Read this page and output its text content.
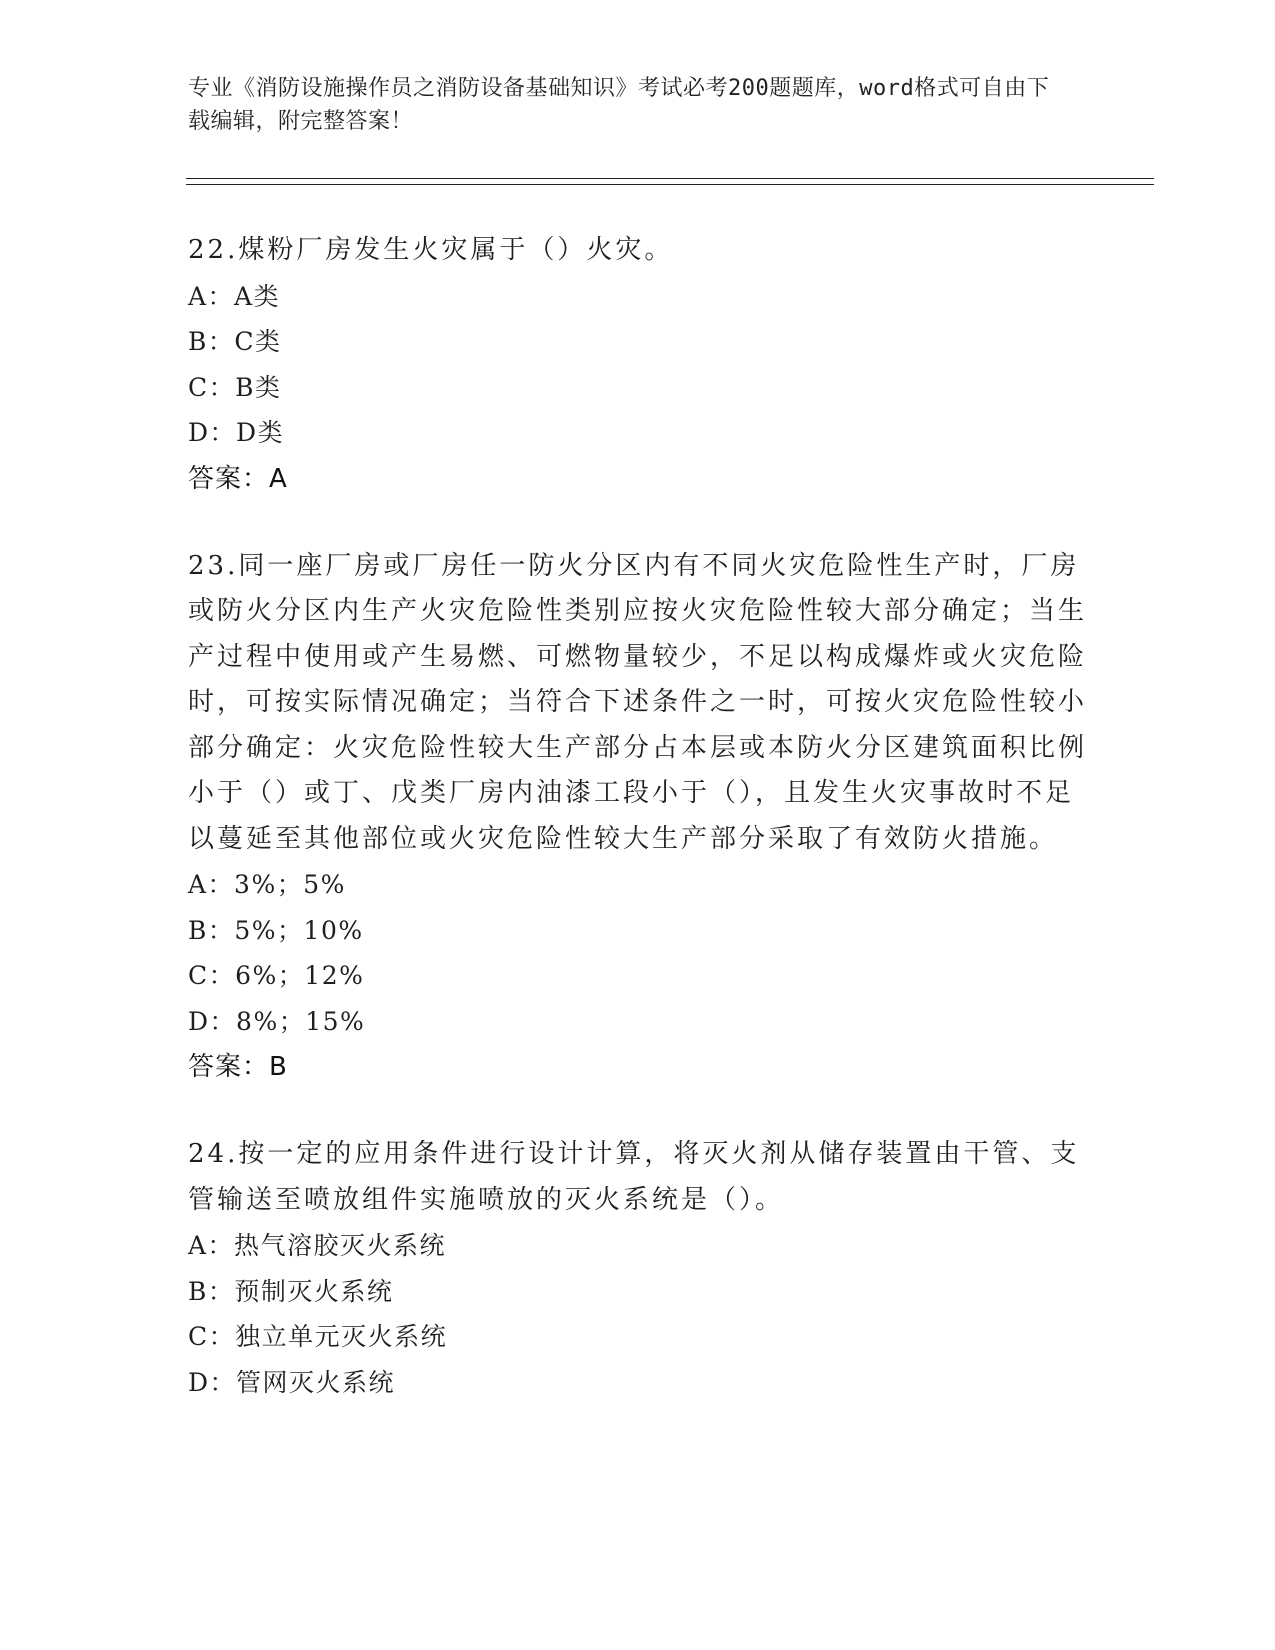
专业《消防设施操作员之消防设备基础知识》考试必考200题题库，word格式可自由下载编辑，附完整答案！

22.煤粉厂房发生火灾属于（）火灾。

A：A类

B：C类

C：B类

D：D类

答案：A

23.同一座厂房或厂房任一防火分区内有不同火灾危险性生产时，厂房或防火分区内生产火灾危险性类别应按火灾危险性较大部分确定；当生产过程中使用或产生易燃、可燃物量较少，不足以构成爆炸或火灾危险时，可按实际情况确定；当符合下述条件之一时，可按火灾危险性较小部分确定：火灾危险性较大生产部分占本层或本防火分区建筑面积比例小于（）或丁、戊类厂房内油漆工段小于（），且发生火灾事故时不足以蔓延至其他部位或火灾危险性较大生产部分采取了有效防火措施。

A：3%；5%

B：5%；10%

C：6%；12%

D：8%；15%

答案：B

24.按一定的应用条件进行设计计算，将灭火剂从储存装置由干管、支管输送至喷放组件实施喷放的灭火系统是（）。

A：热气溶胶灭火系统

B：预制灭火系统

C：独立单元灭火系统

D：管网灭火系统
